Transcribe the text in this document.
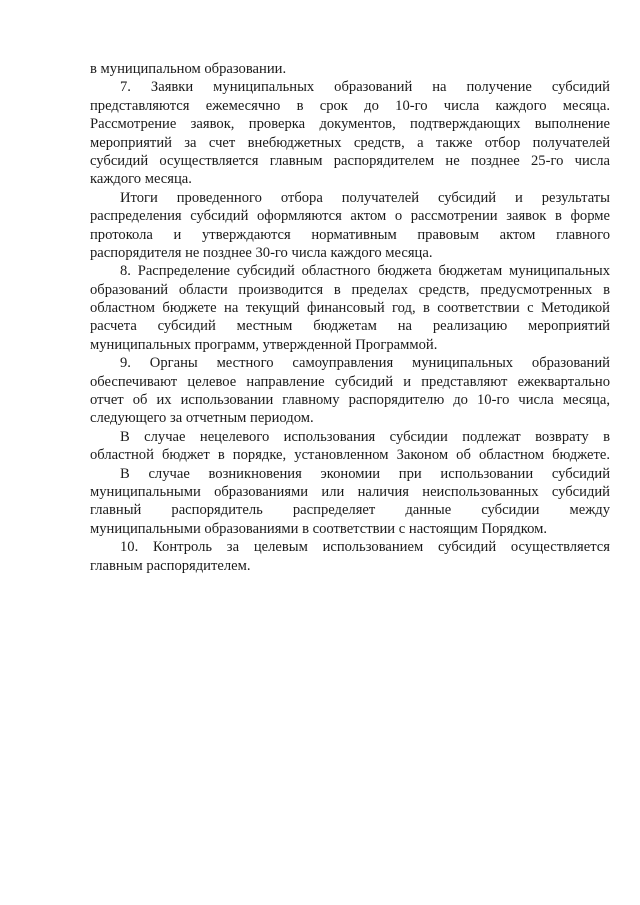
в муниципальном образовании.
7. Заявки муниципальных образований на получение субсидий
представляются ежемесячно в срок до 10-го числа каждого месяца.
Рассмотрение заявок, проверка документов, подтверждающих выполнение
мероприятий за счет внебюджетных средств, а также отбор получателей
субсидий осуществляется главным распорядителем не позднее 25-го числа
каждого месяца.
Итоги проведенного отбора получателей субсидий и результаты
распределения субсидий оформляются актом о рассмотрении заявок в форме
протокола и утверждаются нормативным правовым актом главного
распорядителя не позднее 30-го числа каждого месяца.
8. Распределение субсидий областного бюджета бюджетам муниципальных
образований области производится в пределах средств, предусмотренных в
областном бюджете на текущий финансовый год, в соответствии с Методикой
расчета субсидий местным бюджетам на реализацию мероприятий
муниципальных программ, утвержденной Программой.
9. Органы местного самоуправления муниципальных образований
обеспечивают целевое направление субсидий и представляют ежеквартально
отчет об их использовании главному распорядителю до 10-го числа месяца,
следующего за отчетным периодом.
В случае нецелевого использования субсидии подлежат возврату в
областной бюджет в порядке, установленном Законом об областном бюджете.
В случае возникновения экономии при использовании субсидий
муниципальными образованиями или наличия неиспользованных субсидий
главный распорядитель распределяет данные субсидии между
муниципальными образованиями в соответствии с настоящим Порядком.
10. Контроль за целевым использованием субсидий осуществляется
главным распорядителем.
